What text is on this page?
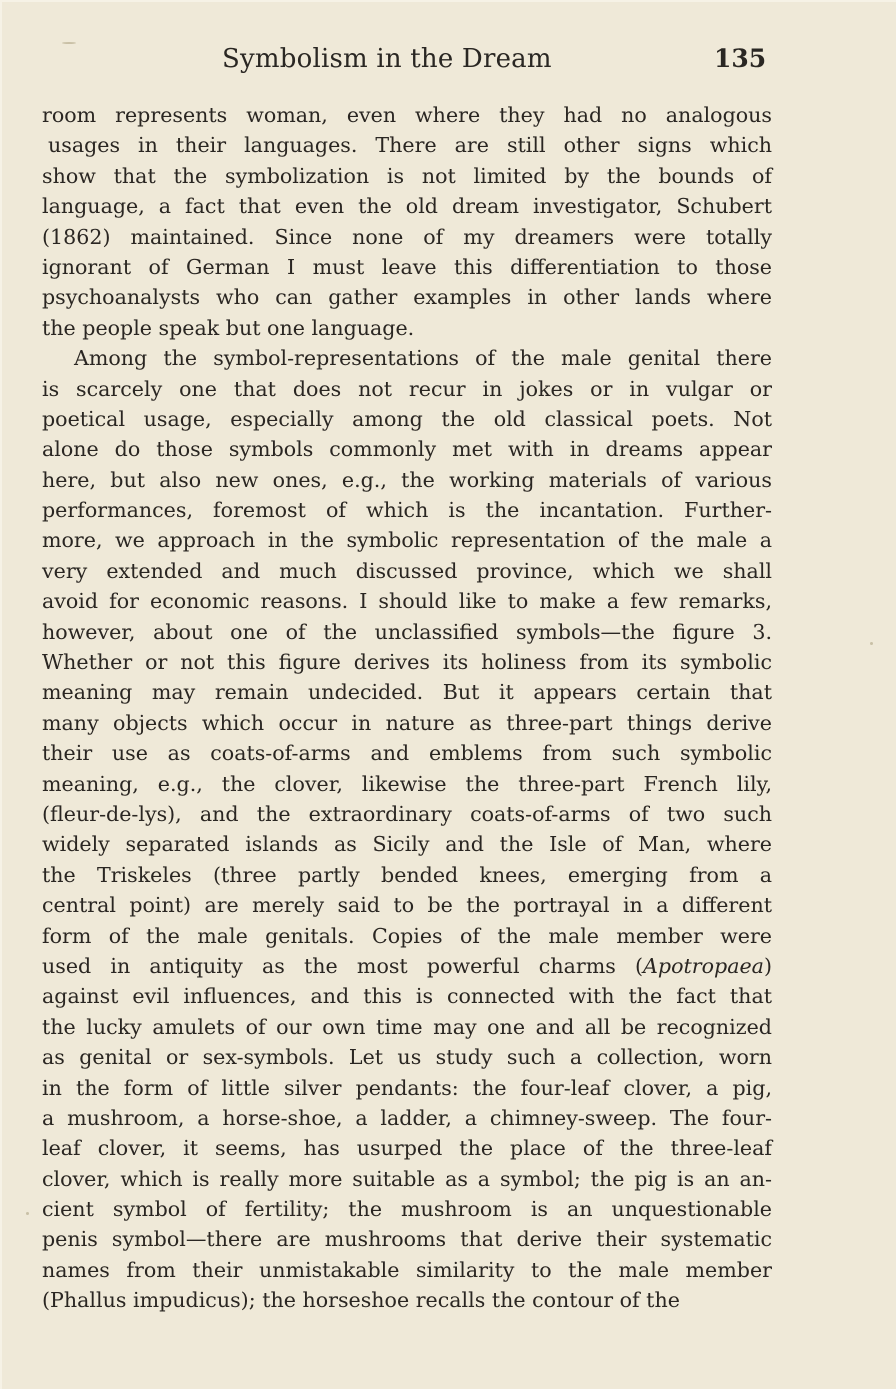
Symbolism in the Dream	135
room represents woman, even where they had no analogous
usages in their languages. There are still other signs which
show that the symbolization is not limited by the bounds of
language, a fact that even the old dream investigator, Schubert
(1862) maintained. Since none of my dreamers were totally
ignorant of German I must leave this differentiation to those
psychoanalysts who can gather examples in other lands where
the people speak but one language.
Among the symbol-representations of the male genital there
is scarcely one that does not recur in jokes or in vulgar or
poetical usage, especially among the old classical poets. Not
alone do those symbols commonly met with in dreams appear
here, but also new ones, e.g., the working materials of various
performances, foremost of which is the incantation. Further-
more, we approach in the symbolic representation of the male a
very extended and much discussed province, which we shall
avoid for economic reasons. I should like to make a few remarks,
however, about one of the unclassified symbols—the figure 3.
Whether or not this figure derives its holiness from its symbolic
meaning may remain undecided. But it appears certain that
many objects which occur in nature as three-part things derive
their use as coats-of-arms and emblems from such symbolic
meaning, e.g., the clover, likewise the three-part French lily,
(fleur-de-lys), and the extraordinary coats-of-arms of two such
widely separated islands as Sicily and the Isle of Man, where
the Triskeles (three partly bended knees, emerging from a
central point) are merely said to be the portrayal in a different
form of the male genitals. Copies of the male member were
used in antiquity as the most powerful charms (Apotropaea)
against evil influences, and this is connected with the fact that
the lucky amulets of our own time may one and all be recognized
as genital or sex-symbols. Let us study such a collection, worn
in the form of little silver pendants: the four-leaf clover, a pig,
a mushroom, a horse-shoe, a ladder, a chimney-sweep. The four-
leaf clover, it seems, has usurped the place of the three-leaf
clover, which is really more suitable as a symbol; the pig is an an-
cient symbol of fertility; the mushroom is an unquestionable
penis symbol—there are mushrooms that derive their systematic
names from their unmistakable similarity to the male member
(Phallus impudicus); the horseshoe recalls the contour of the
